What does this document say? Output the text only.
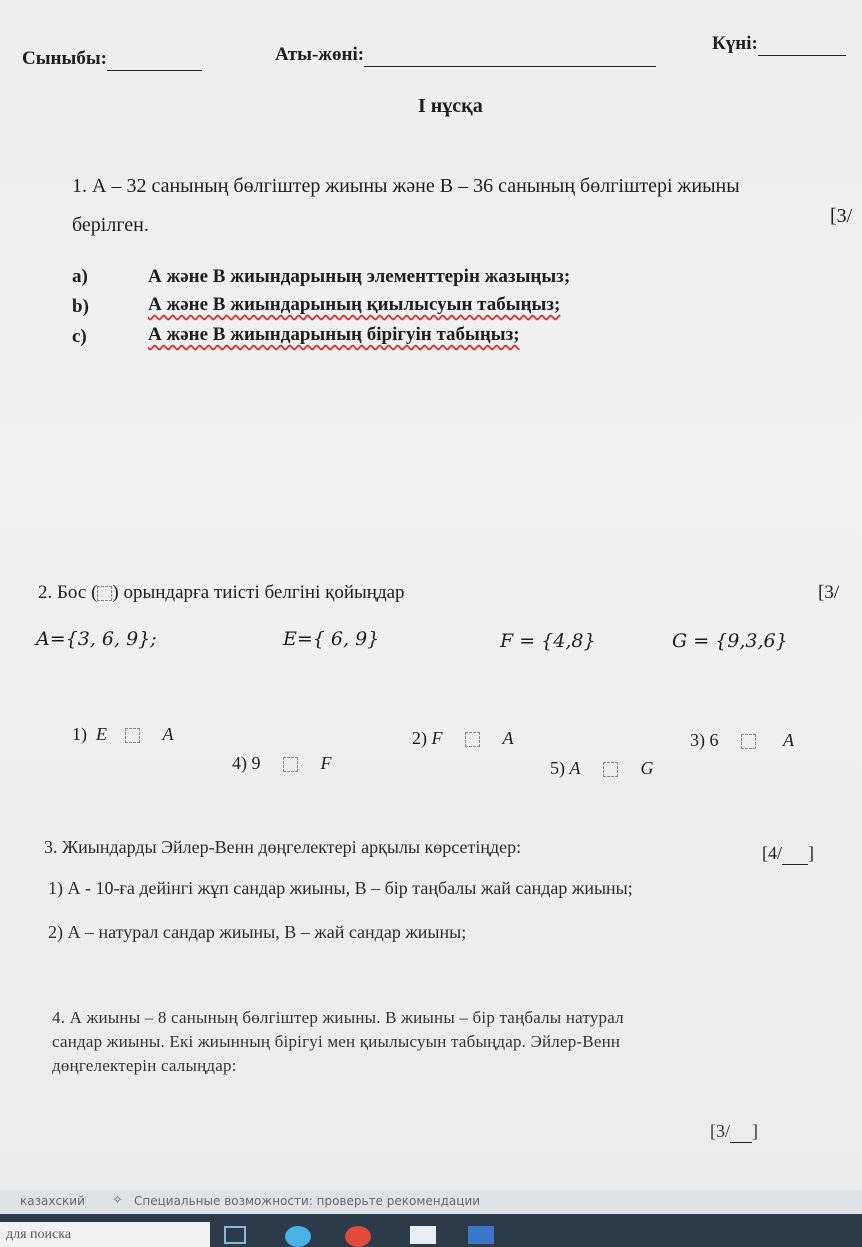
Сыныбы:	Аты-жөні:
Күні:
I нұсқа
1. А – 32 санының бөлгіштер жиыны және В – 36 санының бөлгіштері жиыны
берілген.	[3/
a)	А және В жиындарының элементтерін жазыңыз;
b)	А және В жиындарының қиылысуын табыңыз;
c)	А және В жиындарының бірігуін табыңыз;
2. Бос ( ) орындарға тиісті белгіні қойыңдар	[3/
A={3, 6, 9};	E={ 6, 9}	F = {4,8}	G = {9,3,6}
1) E	A	2) F	A	3) 6	A
4) 9	F	5) A	G
3. Жиындарды Эйлер-Венн дөңгелектері арқылы көрсетіңдер:	[4/ ]
1) А - 10-ға дейінгі жұп сандар жиыны, В – бір таңбалы жай сандар жиыны;
2) А – натурал сандар жиыны, В – жай сандар жиыны;
4. А жиыны – 8 санының бөлгіштер жиыны. В жиыны – бір таңбалы натурал
сандар жиыны. Екі жиынның бірігуі мен қиылысуын табыңдар. Эйлер-Венн
дөңгелектерін салыңдар:
[3/ ]
казахский ✧ Специальные возможности: проверьте рекомендации
для поиска
